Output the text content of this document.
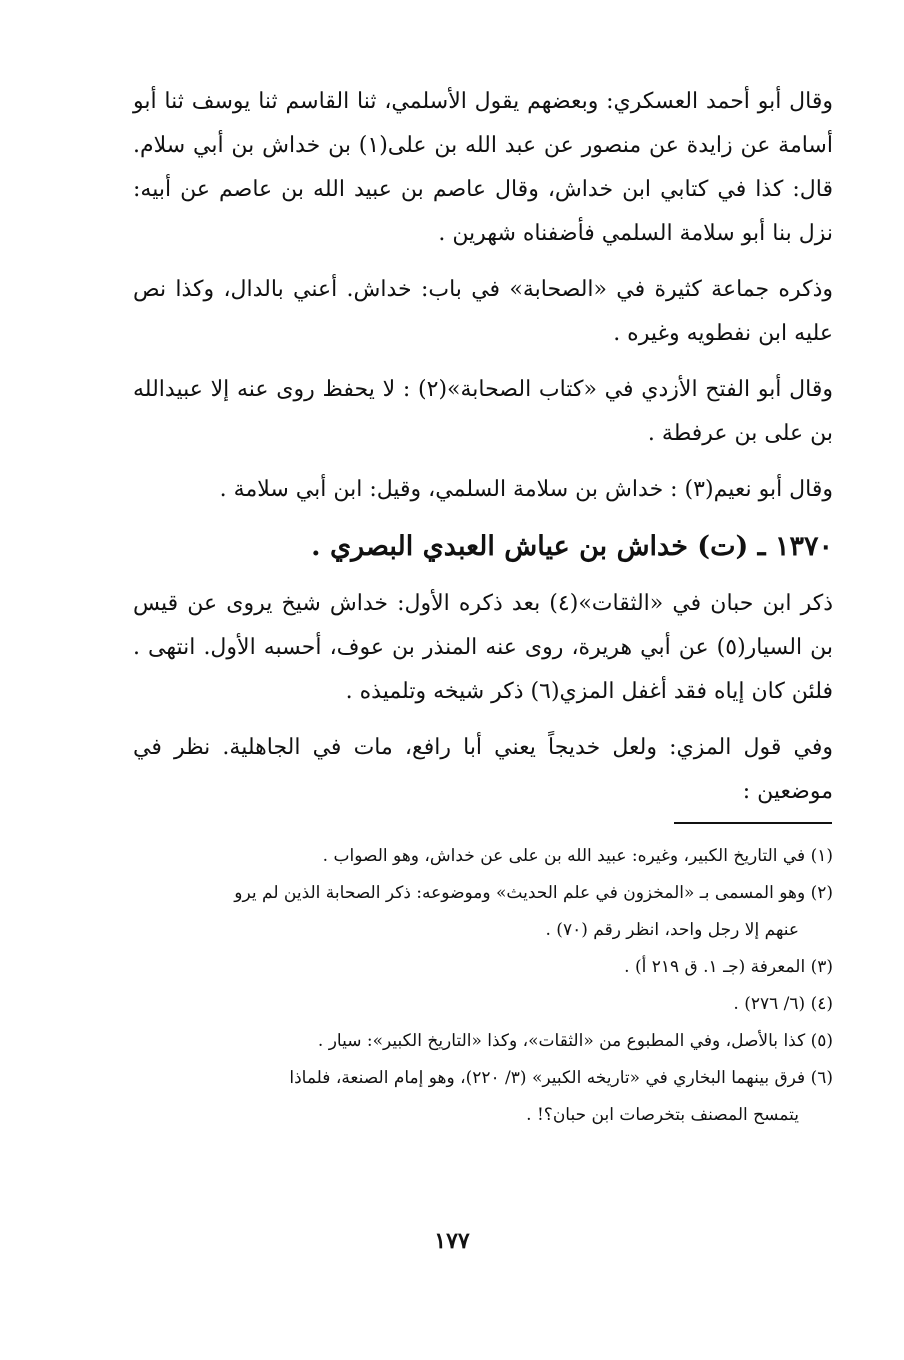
وقال أبو أحمد العسكري: وبعضهم يقول الأسلمي، ثنا القاسم ثنا يوسف ثنا أبو أسامة عن زايدة عن منصور عن عبد الله بن على(١) بن خداش بن أبي سلام. قال: كذا في كتابي ابن خداش، وقال عاصم بن عبيد الله بن عاصم عن أبيه: نزل بنا أبو سلامة السلمي فأضفناه شهرين .

وذكره جماعة كثيرة في «الصحابة» في باب: خداش. أعني بالدال، وكذا نص عليه ابن نفطويه وغيره .

وقال أبو الفتح الأزدي في «كتاب الصحابة»(٢) : لا يحفظ روى عنه إلا عبيدالله بن على بن عرفطة .

وقال أبو نعيم(٣) : خداش بن سلامة السلمي، وقيل: ابن أبي سلامة .

١٣٧٠ ـ (ت) خداش بن عياش العبدي البصري .

ذكر ابن حبان في «الثقات»(٤) بعد ذكره الأول: خداش شيخ يروى عن قيس بن السيار(٥) عن أبي هريرة، روى عنه المنذر بن عوف، أحسبه الأول. انتهى . فلئن كان إياه فقد أغفل المزي(٦) ذكر شيخه وتلميذه .

وفي قول المزي: ولعل خديجاً يعني أبا رافع، مات في الجاهلية. نظر في موضعين :

(١) في التاريخ الكبير، وغيره: عبيد الله بن على عن خداش، وهو الصواب .

(٢) وهو المسمى بـ «المخزون في علم الحديث» وموضوعه: ذكر الصحابة الذين لم يرو

عنهم إلا رجل واحد، انظر رقم (٧٠) .

(٣) المعرفة (جـ ١. ق ٢١٩ أ) .

(٤) (٦/ ٢٧٦) .

(٥) كذا بالأصل، وفي المطبوع من «الثقات»، وكذا «التاريخ الكبير»: سيار .

(٦) فرق بينهما البخاري في «تاريخه الكبير» (٣/ ٢٢٠)، وهو إمام الصنعة، فلماذا

يتمسح المصنف بتخرصات ابن حبان؟! .

١٧٧
